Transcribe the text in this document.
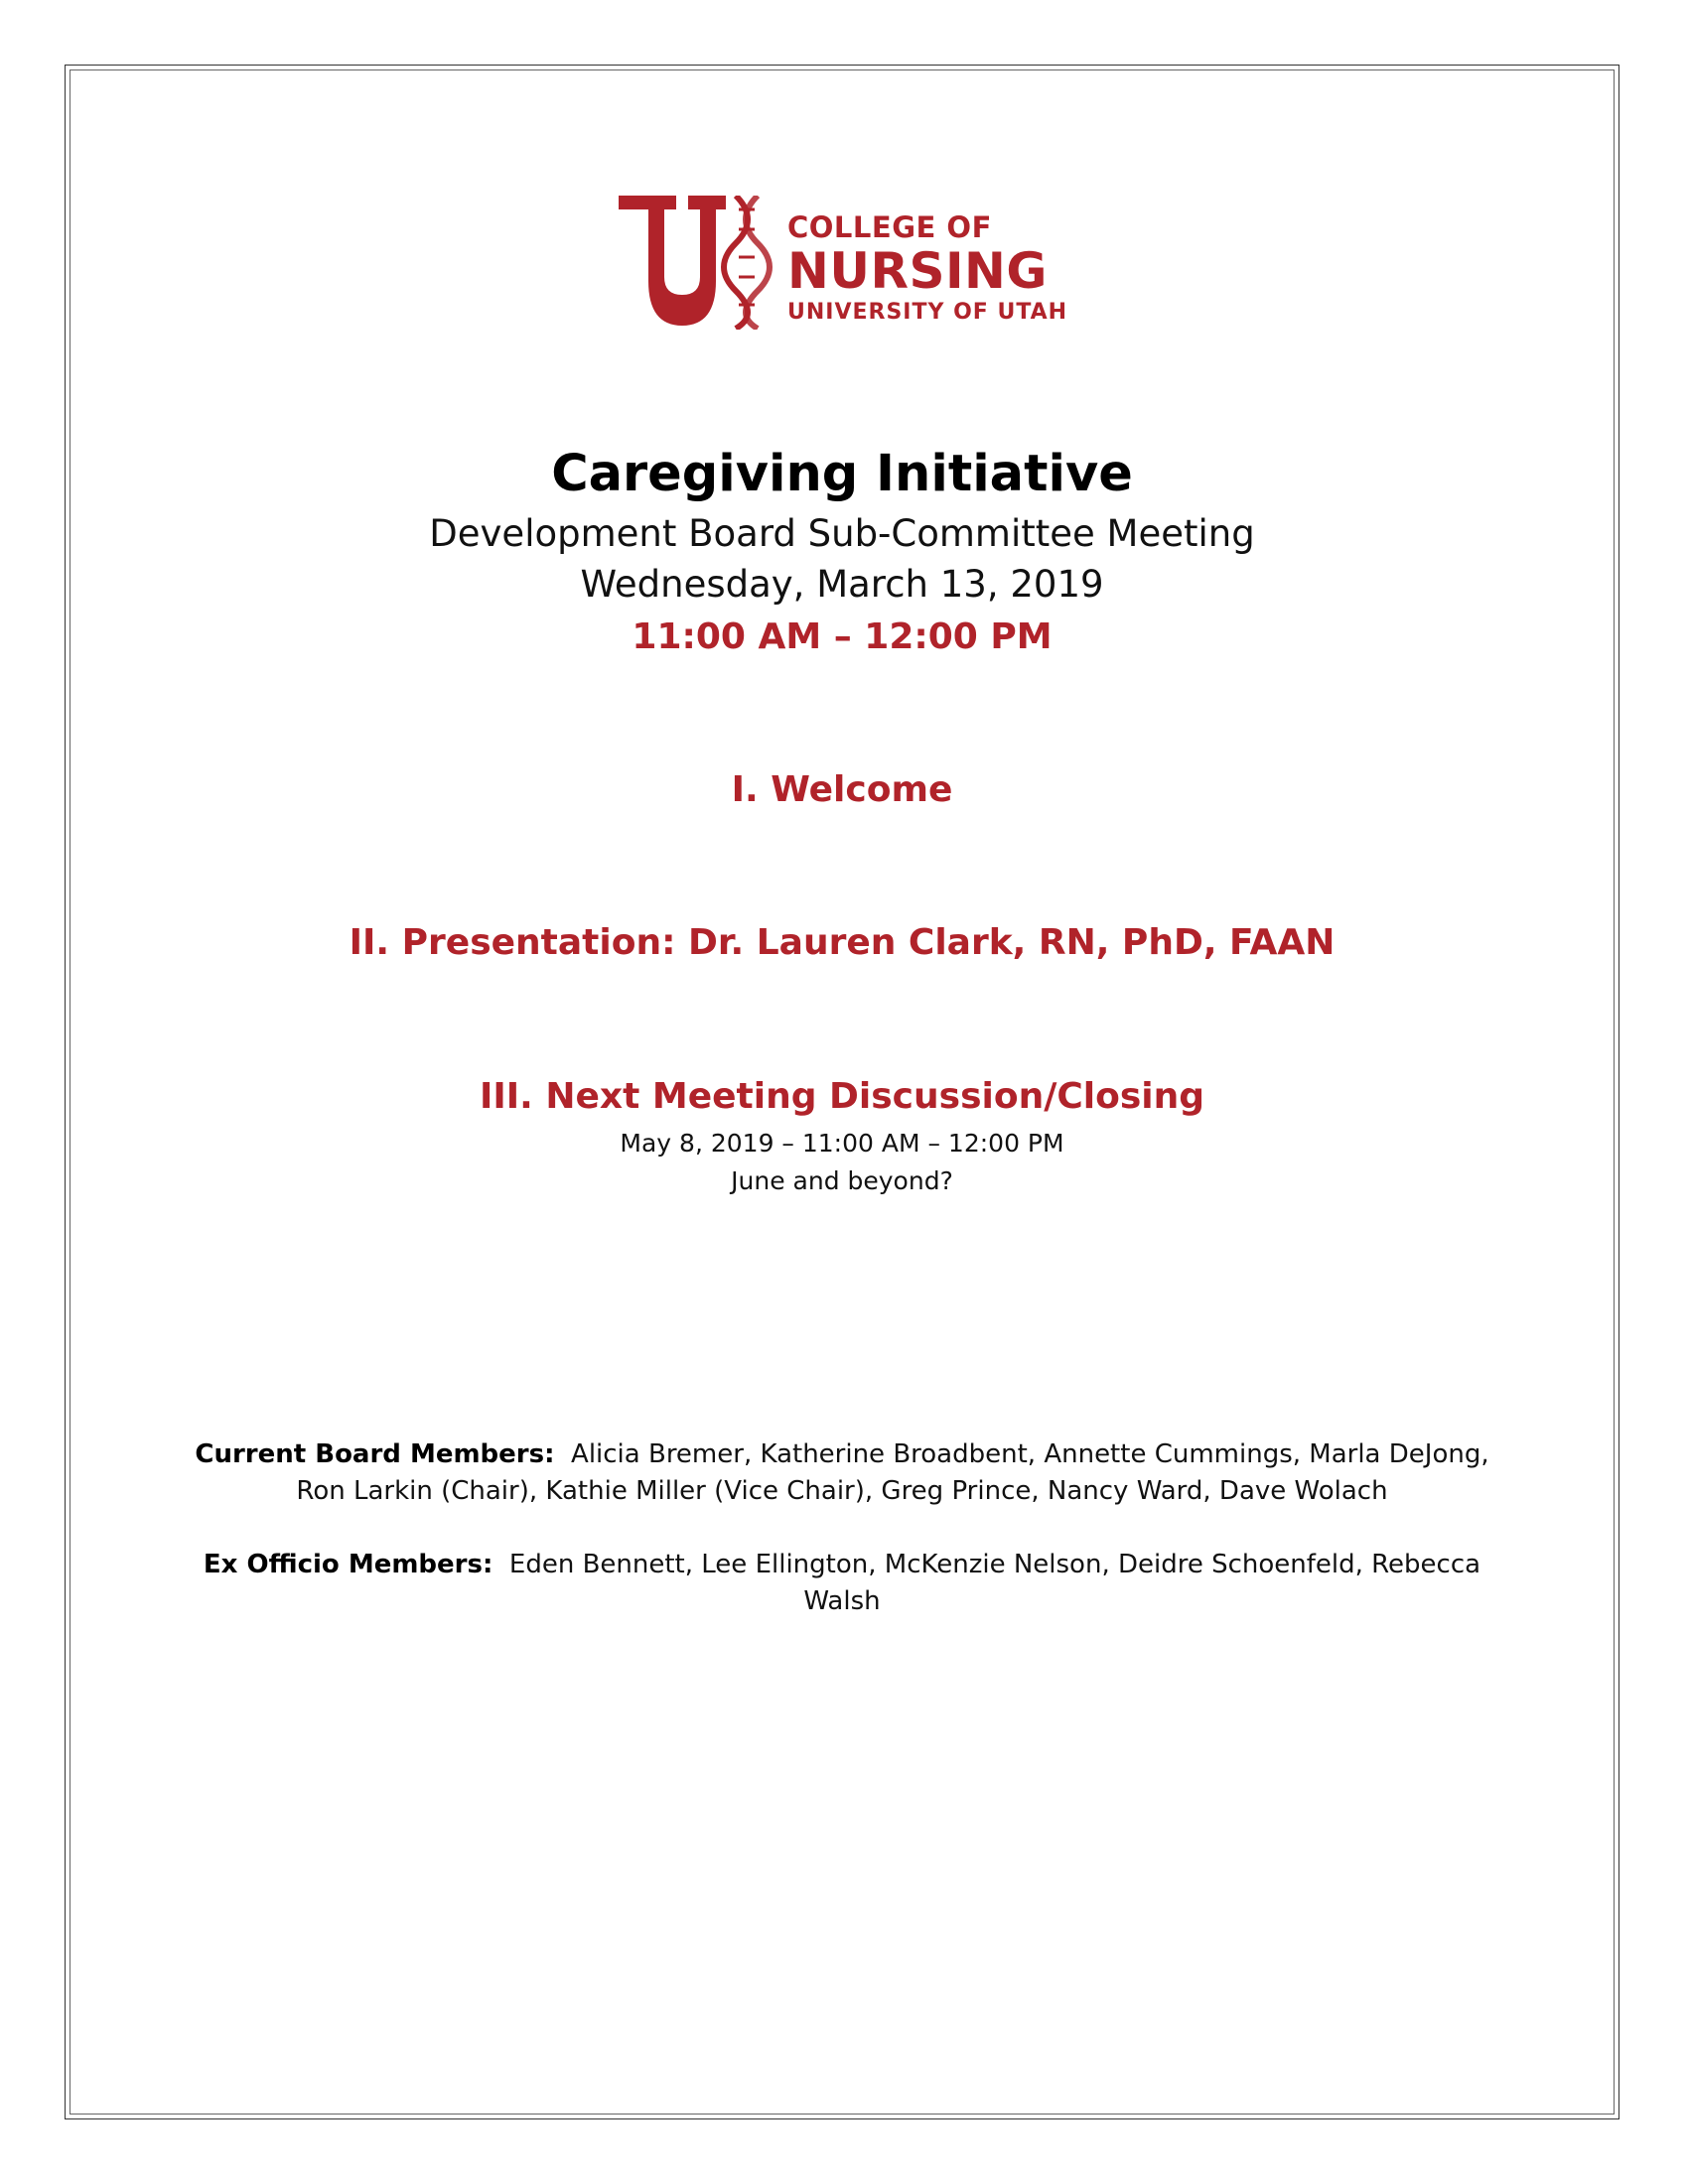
COLLEGE OF
NURSING
UNIVERSITY OF UTAH
Caregiving Initiative
Development Board Sub-Committee Meeting
Wednesday, March 13, 2019
11:00 AM – 12:00 PM
I. Welcome
II. Presentation: Dr. Lauren Clark, RN, PhD, FAAN
III. Next Meeting Discussion/Closing
May 8, 2019 – 11:00 AM – 12:00 PM
June and beyond?
Current Board Members: Alicia Bremer, Katherine Broadbent, Annette Cummings, Marla DeJong, Ron Larkin (Chair), Kathie Miller (Vice Chair), Greg Prince, Nancy Ward, Dave Wolach
Ex Officio Members: Eden Bennett, Lee Ellington, McKenzie Nelson, Deidre Schoenfeld, Rebecca Walsh
